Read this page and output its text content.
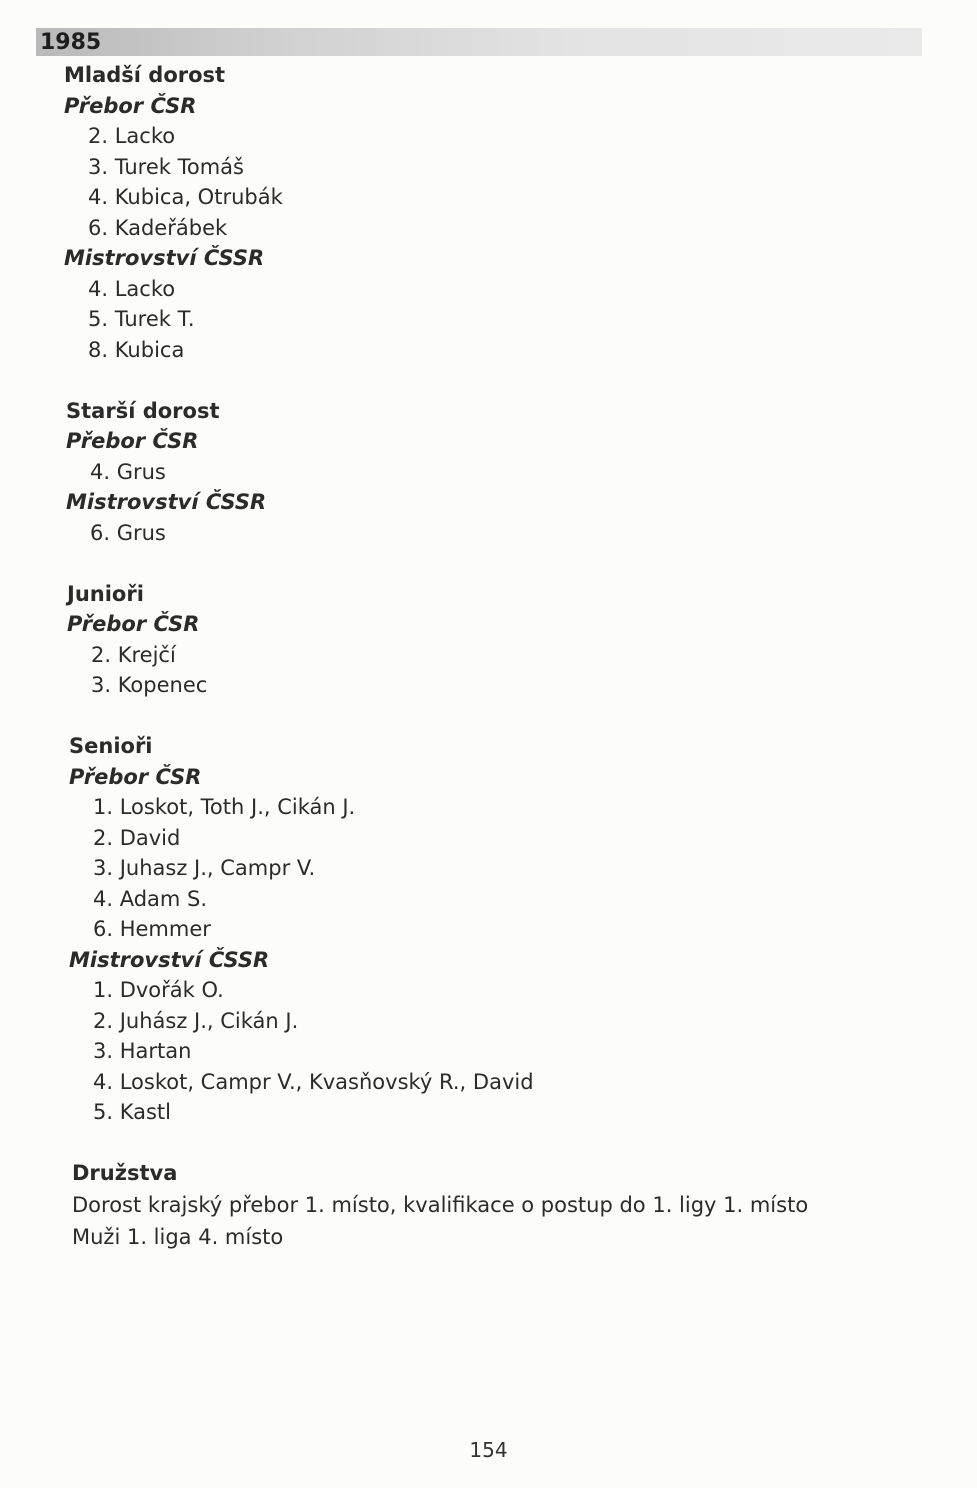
1985
Mladší dorost
Přebor ČSR
2. Lacko
3. Turek Tomáš
4. Kubica, Otrubák
6. Kadeřábek
Mistrovství ČSSR
4. Lacko
5. Turek T.
8. Kubica
Starší dorost
Přebor ČSR
4. Grus
Mistrovství ČSSR
6. Grus
Junioři
Přebor ČSR
2. Krejčí
3. Kopenec
Senioři
Přebor ČSR
1. Loskot, Toth J., Cikán J.
2. David
3. Juhasz J., Campr V.
4. Adam S.
6. Hemmer
Mistrovství ČSSR
1. Dvořák O.
2. Juhász J., Cikán J.
3. Hartan
4. Loskot, Campr V., Kvasňovský R., David
5. Kastl
Družstva
Dorost krajský přebor 1. místo, kvalifikace o postup do 1. ligy 1. místo
Muži 1. liga 4. místo
154
